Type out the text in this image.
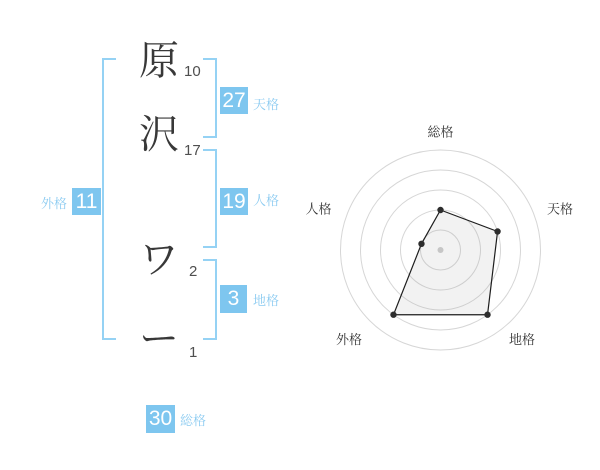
原 10
沢 17
ワ 2
ー 1
27 天格
19 人格
3	地格
外格 11
30 総格
総格
天格
地格
外格
人格
